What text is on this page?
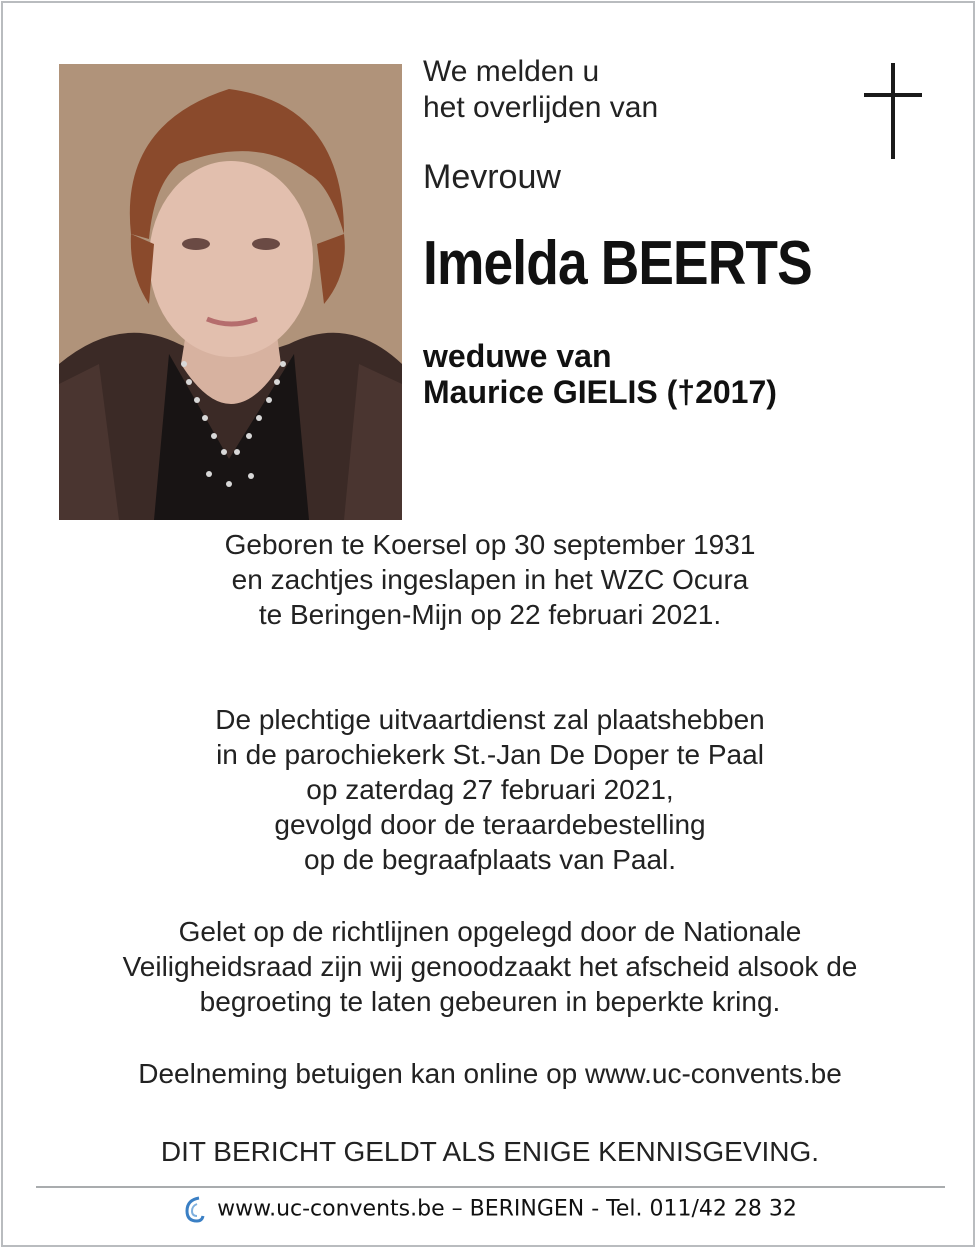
We melden u
het overlijden van
Mevrouw
Imelda BEERTS
weduwe van
Maurice GIELIS (†2017)
Geboren te Koersel op 30 september 1931
en zachtjes ingeslapen in het WZC Ocura
te Beringen-Mijn op 22 februari 2021.
De plechtige uitvaartdienst zal plaatshebben
in de parochiekerk St.-Jan De Doper te Paal
op zaterdag 27 februari 2021,
gevolgd door de teraardebestelling
op de begraafplaats van Paal.
Gelet op de richtlijnen opgelegd door de Nationale
Veiligheidsraad zijn wij genoodzaakt het afscheid alsook de
begroeting te laten gebeuren in beperkte kring.
Deelneming betuigen kan online op www.uc-convents.be
DIT BERICHT GELDT ALS ENIGE KENNISGEVING.
www.uc-convents.be – BERINGEN - Tel. 011/42 28 32
